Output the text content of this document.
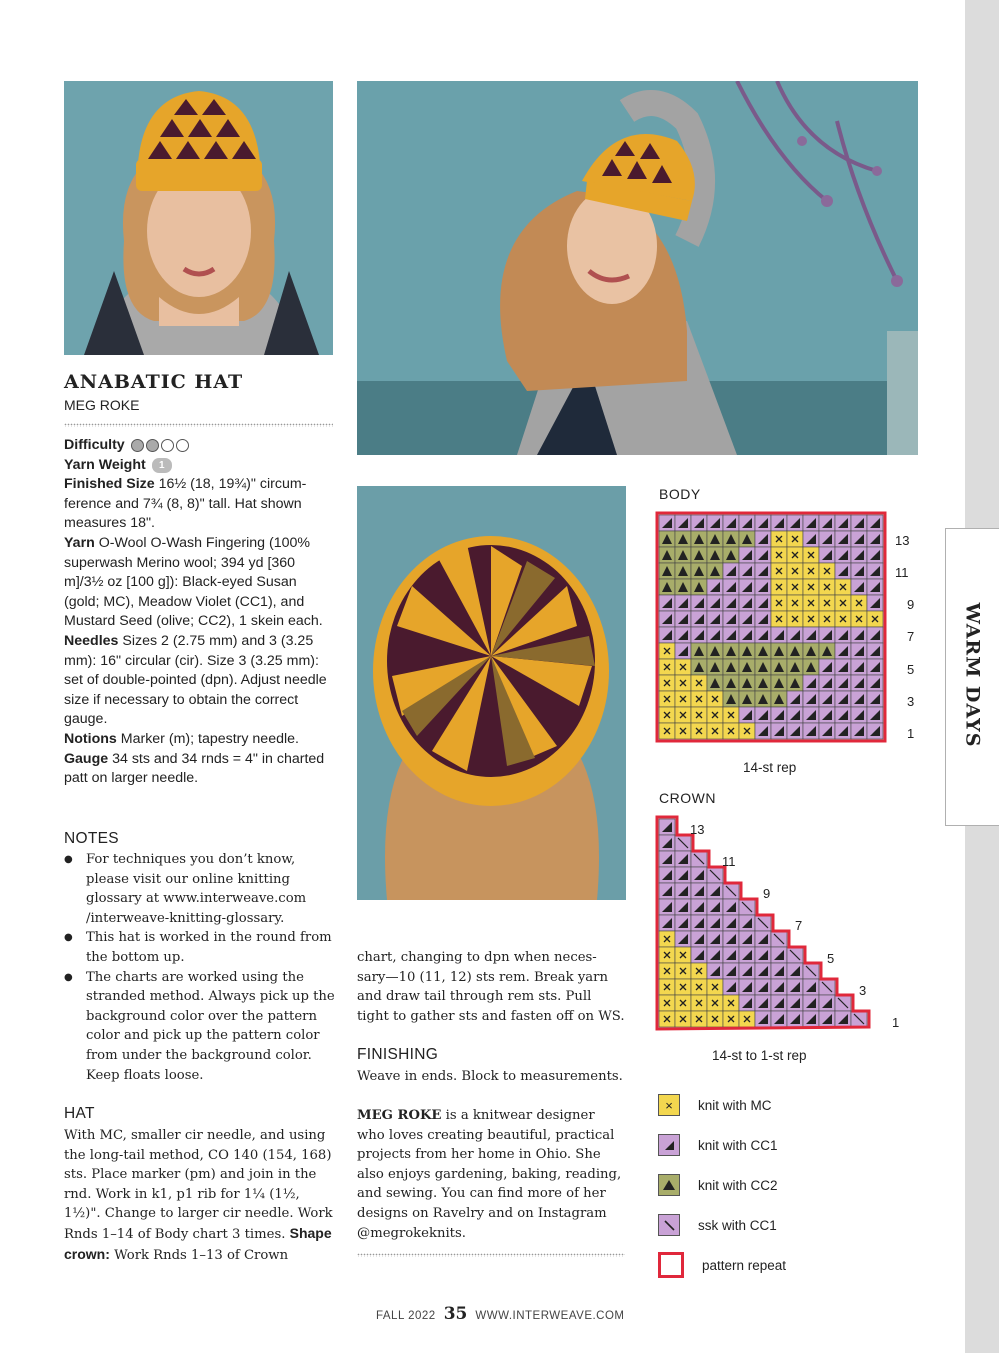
WARM DAYS
ANABATIC HAT
MEG ROKE
Difficulty
Yarn Weight 1
Finished Size 16½ (18, 19¾)" circum-ference and 7¾ (8, 8)" tall. Hat shown measures 18".
Yarn O-Wool O-Wash Fingering (100% superwash Merino wool; 394 yd [360 m]/3½ oz [100 g]): Black-eyed Susan (gold; MC), Meadow Violet (CC1), and Mustard Seed (olive; CC2), 1 skein each.
Needles Sizes 2 (2.75 mm) and 3 (3.25 mm): 16" circular (cir). Size 3 (3.25 mm): set of double-pointed (dpn). Adjust needle size if necessary to obtain the correct gauge.
Notions Marker (m); tapestry needle.
Gauge 34 sts and 34 rnds = 4" in charted patt on larger needle.
NOTES
● For techniques you don’t know, please visit our online knitting glossary at www.interweave.com /interweave-knitting-glossary.
● This hat is worked in the round from the bottom up.
● The charts are worked using the stranded method. Always pick up the background color over the pattern color and pick up the pattern color from under the background color. Keep floats loose.
HAT
With MC, smaller cir needle, and using the long-tail method, CO 140 (154, 168) sts. Place marker (pm) and join in the rnd. Work in k1, p1 rib for 1¼ (1½, 1½)". Change to larger cir needle. Work Rnds 1–14 of Body chart 3 times. Shape crown: Work Rnds 1–13 of Crown
chart, changing to dpn when neces-sary—10 (11, 12) sts rem. Break yarn and draw tail through rem sts. Pull tight to gather sts and fasten off on WS.
FINISHING
Weave in ends. Block to measurements.
MEG ROKE is a knitwear designer who loves creating beautiful, practical projects from her home in Ohio. She also enjoys gardening, baking, reading, and sewing. You can find more of her designs on Ravelry and on Instagram @megrokeknits.
BODY
13
11
9
7
5
3
1
14-st rep
CROWN
13
11
9
7
5
3
1
14-st to 1-st rep
×	knit with MC
knit with CC1
knit with CC2
ssk with CC1
pattern repeat
FALL 2022 35 WWW.INTERWEAVE.COM
